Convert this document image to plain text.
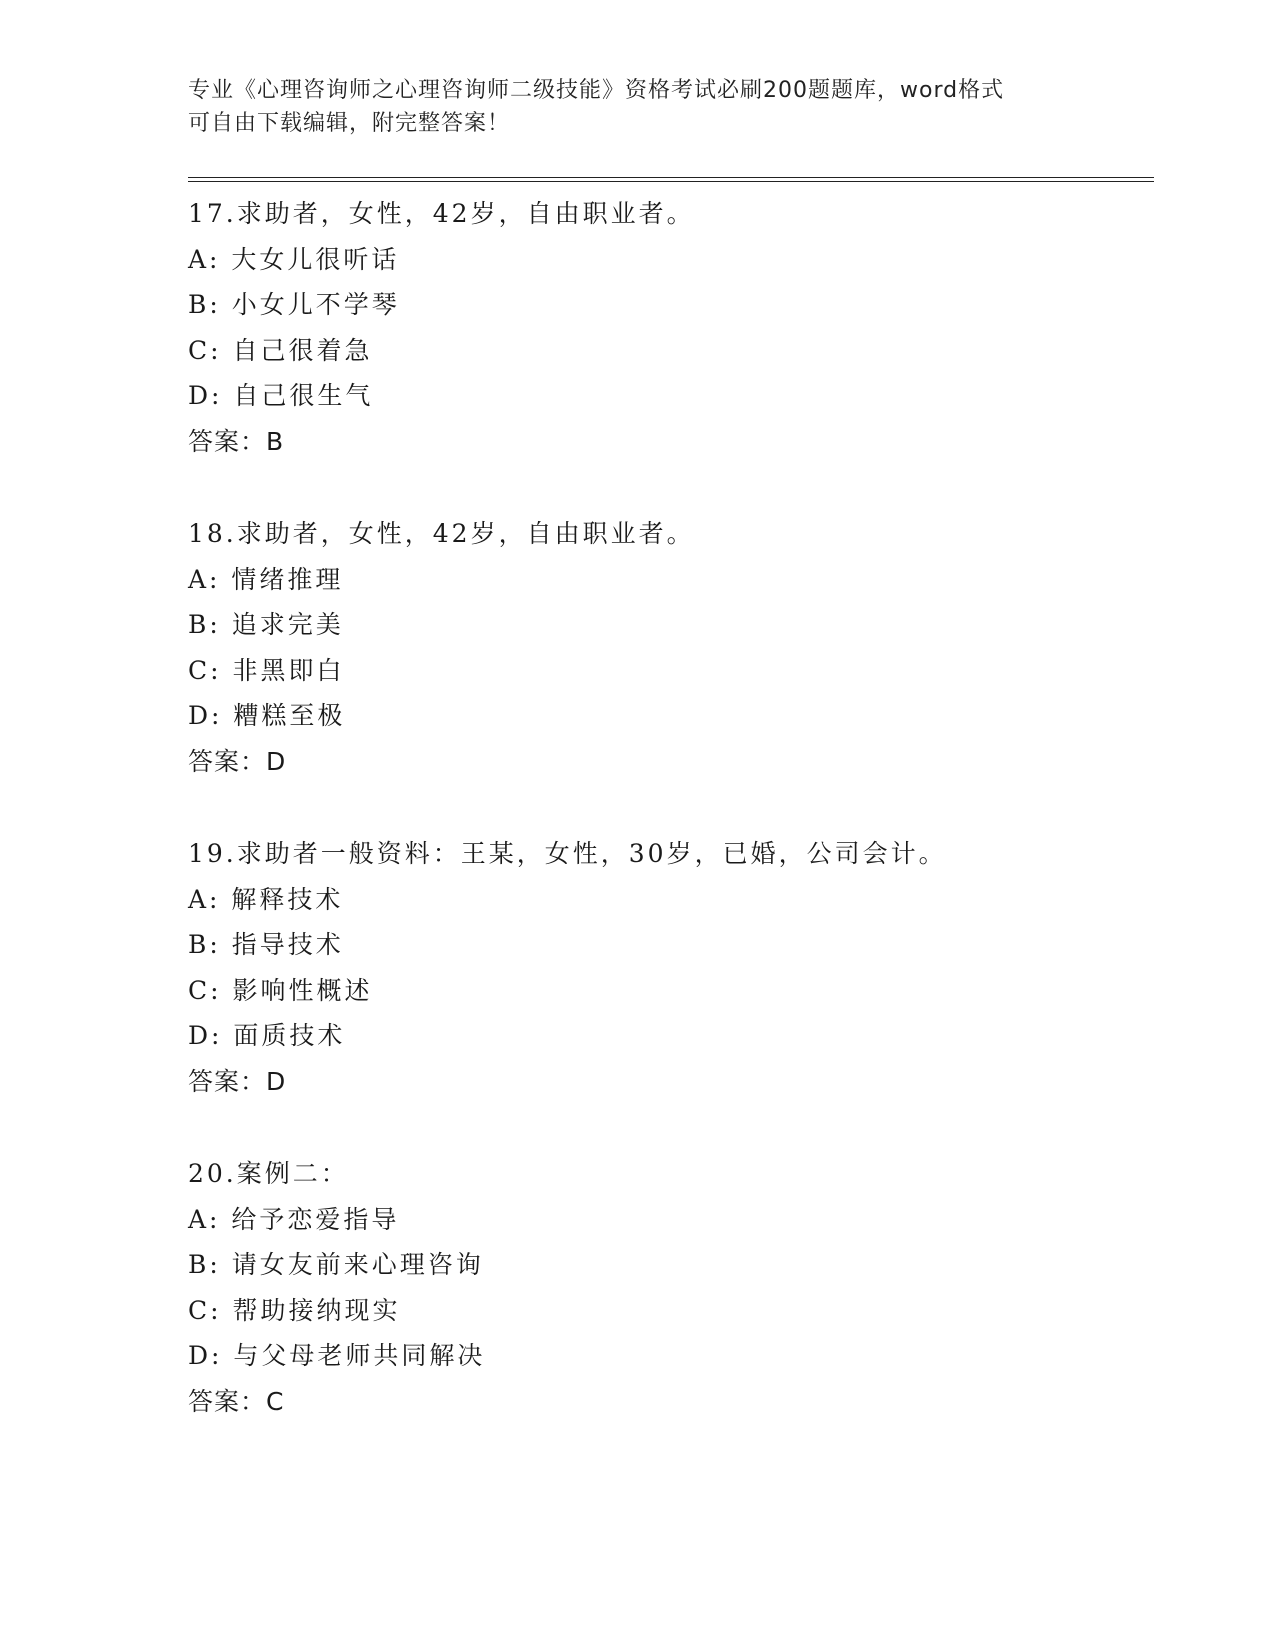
专业《心理咨询师之心理咨询师二级技能》资格考试必刷200题题库，word格式
可自由下载编辑，附完整答案！
17.求助者，女性，42岁，自由职业者。
A: 大女儿很听话
B: 小女儿不学琴
C: 自己很着急
D: 自己很生气
答案：B
18.求助者，女性，42岁，自由职业者。
A: 情绪推理
B: 追求完美
C: 非黑即白
D: 糟糕至极
答案：D
19.求助者一般资料：王某，女性，30岁，已婚，公司会计。
A: 解释技术
B: 指导技术
C: 影响性概述
D: 面质技术
答案：D
20.案例二：
A: 给予恋爱指导
B: 请女友前来心理咨询
C: 帮助接纳现实
D: 与父母老师共同解决
答案：C
